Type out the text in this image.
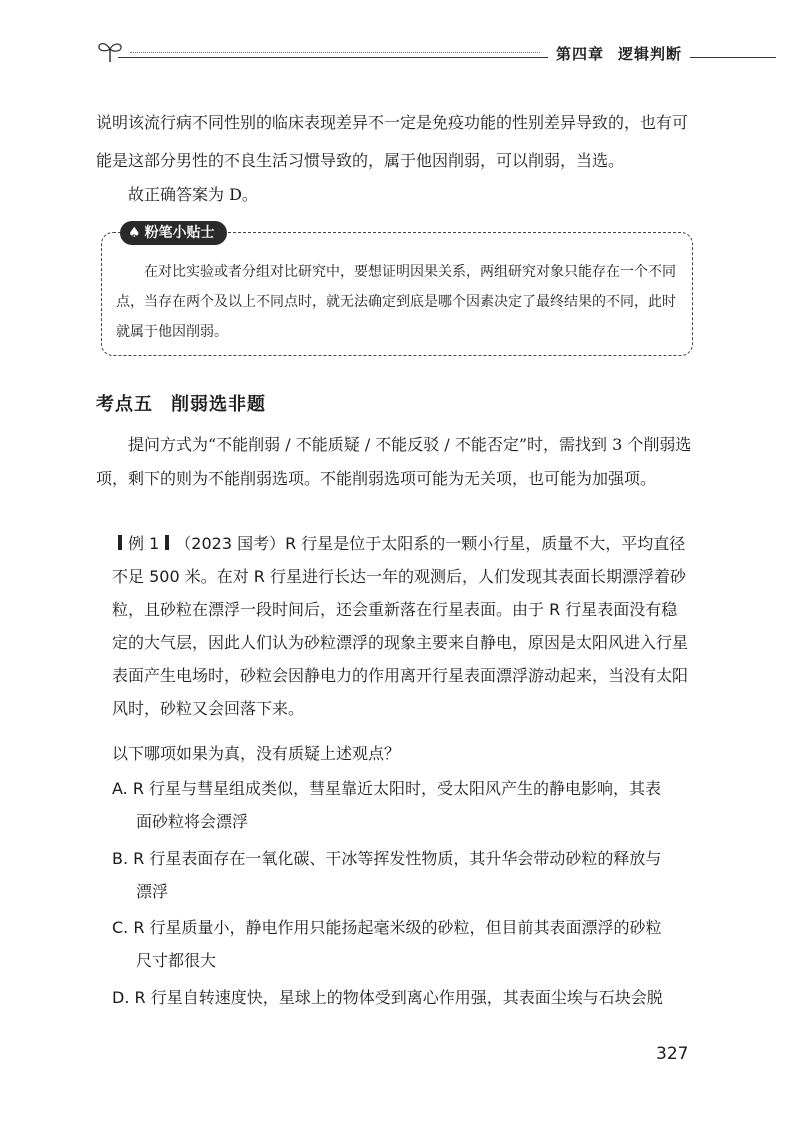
第四章 逻辑判断
说明该流行病不同性别的临床表现差异不一定是免疫功能的性别差异导致的，也有可
能是这部分男性的不良生活习惯导致的，属于他因削弱，可以削弱，当选。
故正确答案为 D。
♠ 粉笔小贴士
在对比实验或者分组对比研究中，要想证明因果关系，两组研究对象只能存在一个不同点，当存在两个及以上不同点时，就无法确定到底是哪个因素决定了最终结果的不同，此时就属于他因削弱。
考点五 削弱选非题
提问方式为“不能削弱 / 不能质疑 / 不能反驳 / 不能否定”时，需找到 3 个削弱选项，剩下的则为不能削弱选项。不能削弱选项可能为无关项，也可能为加强项。
例 1 （2023 国考）R 行星是位于太阳系的一颗小行星，质量不大，平均直径不足 500 米。在对 R 行星进行长达一年的观测后，人们发现其表面长期漂浮着砂粒，且砂粒在漂浮一段时间后，还会重新落在行星表面。由于 R 行星表面没有稳定的大气层，因此人们认为砂粒漂浮的现象主要来自静电，原因是太阳风进入行星表面产生电场时，砂粒会因静电力的作用离开行星表面漂浮游动起来，当没有太阳风时，砂粒又会回落下来。
以下哪项如果为真，没有质疑上述观点？
A. R 行星与彗星组成类似，彗星靠近太阳时，受太阳风产生的静电影响，其表
面砂粒将会漂浮
B. R 行星表面存在一氧化碳、干冰等挥发性物质，其升华会带动砂粒的释放与
漂浮
C. R 行星质量小，静电作用只能扬起毫米级的砂粒，但目前其表面漂浮的砂粒
尺寸都很大
D. R 行星自转速度快，星球上的物体受到离心作用强，其表面尘埃与石块会脱
327
